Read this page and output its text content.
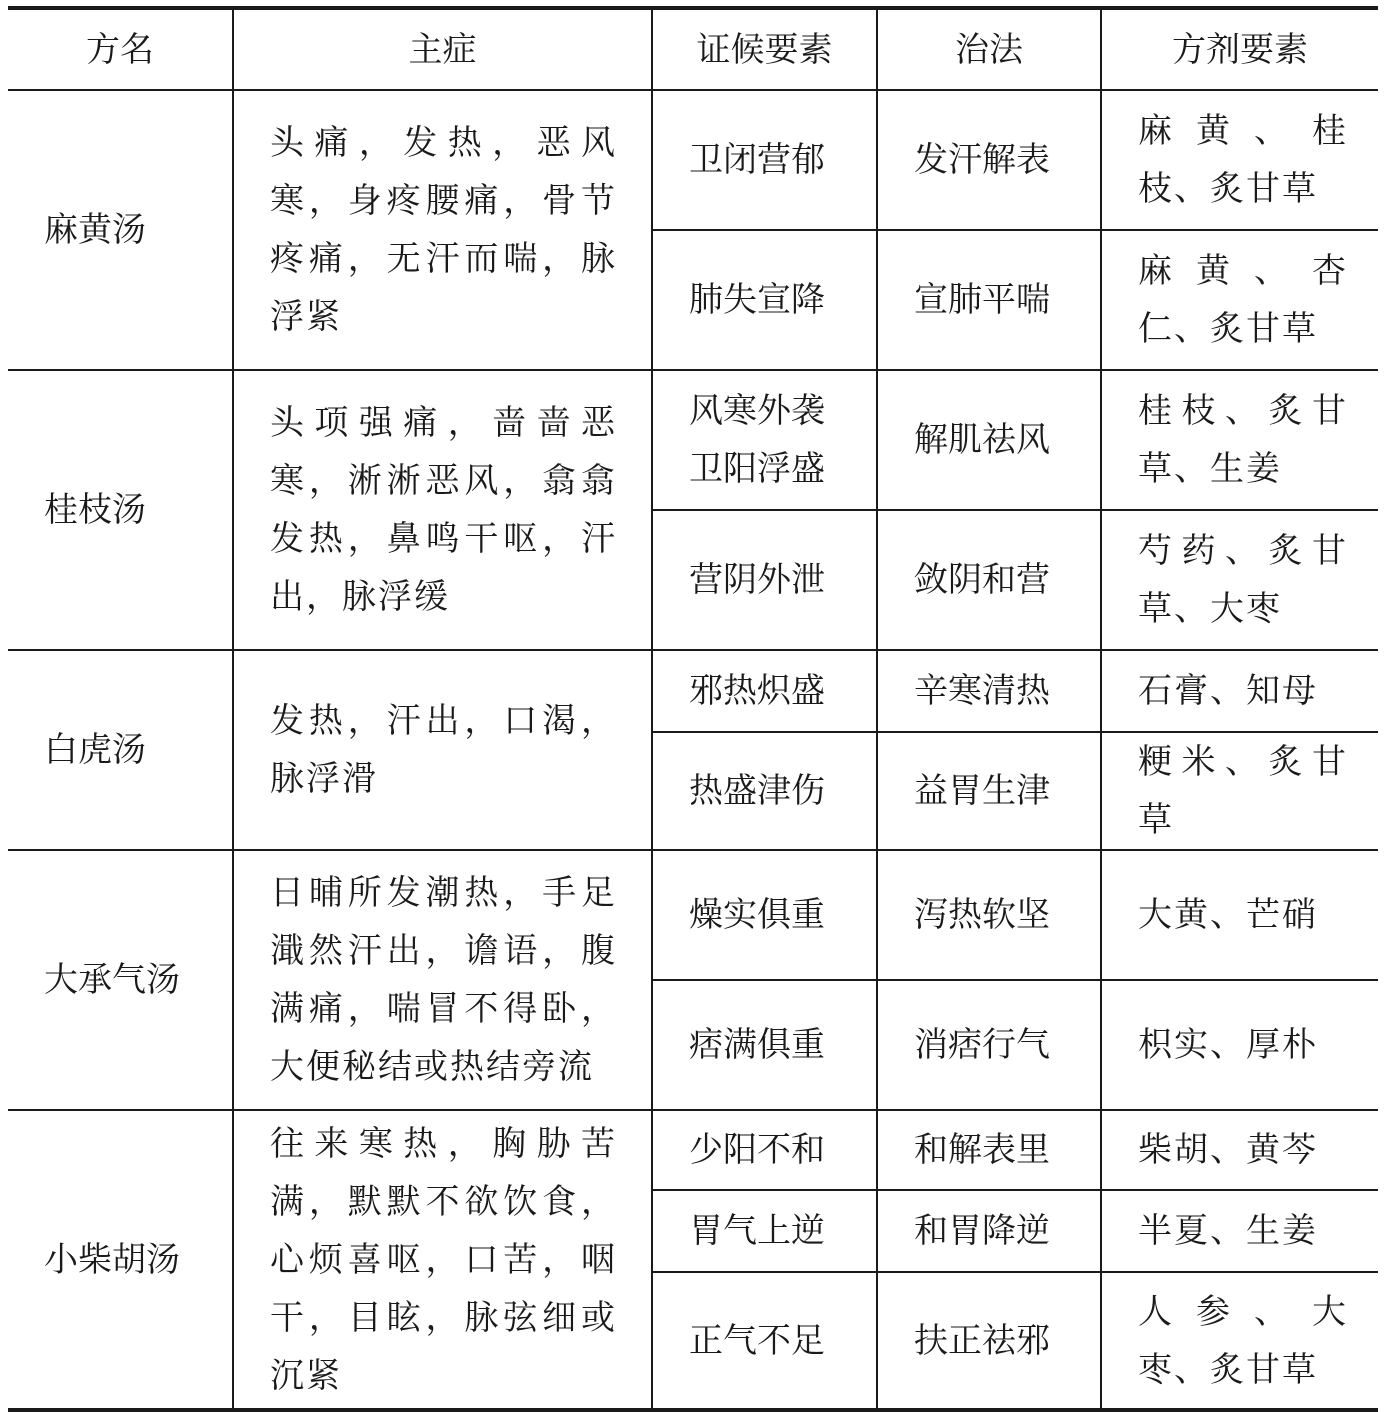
方名	主症	证候要素	治法	方剂要素
麻黄汤	头痛，发热，恶风寒，身疼腰痛，骨节疼痛，无汗而喘，脉浮紧	卫闭营郁	发汗解表	麻黄、桂枝、炙甘草
		肺失宣降	宣肺平喘	麻黄、杏仁、炙甘草
桂枝汤	头项强痛，啬啬恶寒，淅淅恶风，翕翕发热，鼻鸣干呕，汗出，脉浮缓	风寒外袭卫阳浮盛	解肌祛风	桂枝、炙甘草、生姜
		营阴外泄	敛阴和营	芍药、炙甘草、大枣
白虎汤	发热，汗出，口渴，脉浮滑	邪热炽盛	辛寒清热	石膏、知母
		热盛津伤	益胃生津	粳米、炙甘草
大承气汤	日晡所发潮热，手足濈然汗出，谵语，腹满痛，喘冒不得卧，大便秘结或热结旁流	燥实俱重	泻热软坚	大黄、芒硝
		痞满俱重	消痞行气	枳实、厚朴
小柴胡汤	往来寒热，胸胁苦满，默默不欲饮食，心烦喜呕，口苦，咽干，目眩，脉弦细或沉紧	少阳不和	和解表里	柴胡、黄芩
		胃气上逆	和胃降逆	半夏、生姜
		正气不足	扶正祛邪	人参、大枣、炙甘草
